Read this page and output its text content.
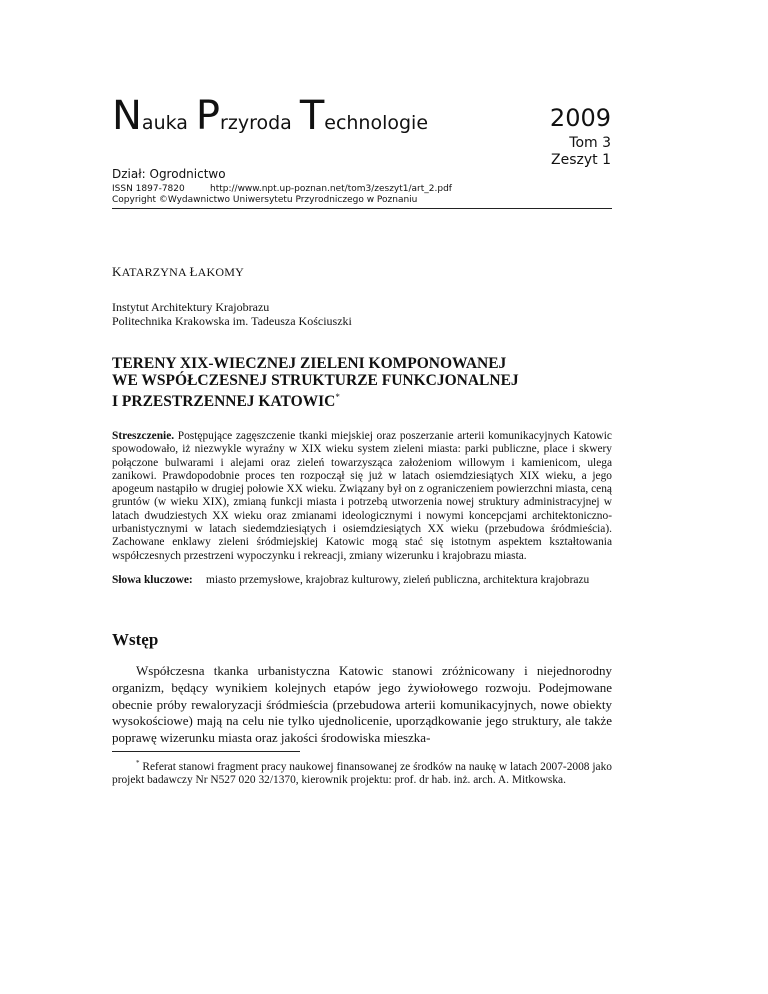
Nauka Przyroda Technologie	2009
Tom 3
Zeszyt 1
Dział: Ogrodnictwo
ISSN 1897-7820	http://www.npt.up-poznan.net/tom3/zeszyt1/art_2.pdf
Copyright ©Wydawnictwo Uniwersytetu Przyrodniczego w Poznaniu
KATARZYNA ŁAKOMY
Instytut Architektury Krajobrazu
Politechnika Krakowska im. Tadeusza Kościuszki
TERENY XIX-WIECZNEJ ZIELENI KOMPONOWANEJ
WE WSPÓŁCZESNEJ STRUKTURZE FUNKCJONALNEJ
I PRZESTRZENNEJ KATOWIC*
Streszczenie. Postępujące zagęszczenie tkanki miejskiej oraz poszerzanie arterii komunikacyjnych Katowic spowodowało, iż niezwykle wyraźny w XIX wieku system zieleni miasta: parki publiczne, place i skwery połączone bulwarami i alejami oraz zieleń towarzysząca założeniom willowym i kamienicom, ulega zanikowi. Prawdopodobnie proces ten rozpoczął się już w latach osiemdziesiątych XIX wieku, a jego apogeum nastąpiło w drugiej połowie XX wieku. Związany był on z ograniczeniem powierzchni miasta, ceną gruntów (w wieku XIX), zmianą funkcji miasta i potrzebą utworzenia nowej struktury administracyjnej w latach dwudziestych XX wieku oraz zmianami ideologicznymi i nowymi koncepcjami architektoniczno-urbanistycznymi w latach siedemdziesiątych i osiemdziesiątych XX wieku (przebudowa śródmieścia). Zachowane enklawy zieleni śródmiejskiej Katowic mogą stać się istotnym aspektem kształtowania współczesnych przestrzeni wypoczynku i rekreacji, zmiany wizerunku i krajobrazu miasta.
Słowa kluczowe:	miasto przemysłowe, krajobraz kulturowy, zieleń publiczna, architektura krajobrazu
Wstęp
Współczesna tkanka urbanistyczna Katowic stanowi zróżnicowany i niejednorodny organizm, będący wynikiem kolejnych etapów jego żywiołowego rozwoju. Podejmowane obecnie próby rewaloryzacji śródmieścia (przebudowa arterii komunikacyjnych, nowe obiekty wysokościowe) mają na celu nie tylko ujednolicenie, uporządkowanie jego struktury, ale także poprawę wizerunku miasta oraz jakości środowiska mieszka-
* Referat stanowi fragment pracy naukowej finansowanej ze środków na naukę w latach 2007-2008 jako projekt badawczy Nr N527 020 32/1370, kierownik projektu: prof. dr hab. inż. arch. A. Mitkowska.
